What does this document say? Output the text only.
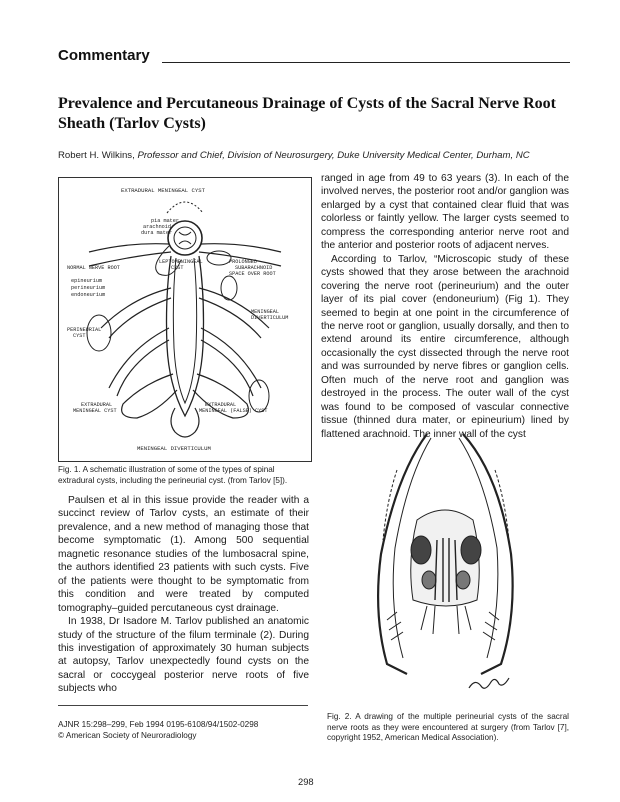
Commentary
Prevalence and Percutaneous Drainage of Cysts of the Sacral Nerve Root Sheath (Tarlov Cysts)
Robert H. Wilkins, Professor and Chief, Division of Neurosurgery, Duke University Medical Center, Durham, NC
EXTRADURAL MENINGEAL CYST
pia mater
arachnoid
dura mater
LEPTOMENINGEAL
CYST
PROLONGED
SUBARACHNOID
SPACE OVER ROOT
NORMAL NERVE ROOT
epineurium
perineurium
endoneurium
MENINGEAL
DIVERTICULUM
PERINEURIAL
CYST
EXTRADURAL
MENINGEAL CYST
EXTRADURAL
MENINGEAL (FALSE) CYST
MENINGEAL DIVERTICULUM
Fig. 1. A schematic illustration of some of the types of spinal extradural cysts, including the perineurial cyst. (from Tarlov [5]).

ranged in age from 49 to 63 years (3). In each of the involved nerves, the posterior root and/or ganglion was enlarged by a cyst that contained clear fluid that was colorless or faintly yellow. The larger cysts seemed to compress the corresponding anterior nerve root and the anterior and posterior roots of adjacent nerves.

According to Tarlov, “Microscopic study of these cysts showed that they arose between the arachnoid covering the nerve root (perineurium) and the outer layer of its pial cover (endoneurium) (Fig 1). They seemed to begin at one point in the circumference of the nerve root or ganglion, usually dorsally, and then to extend around its entire circumference, although occasionally the cyst dissected through the nerve root and was surrounded by nerve fibres or ganglion cells. Often much of the nerve root and ganglion was destroyed in the process. The outer wall of the cyst was found to be composed of vascular connective tissue (thinned dura mater, or epineurium) lined by flattened arachnoid. The inner wall of the cyst

Paulsen et al in this issue provide the reader with a succinct review of Tarlov cysts, an estimate of their prevalence, and a new method of managing those that become symptomatic (1). Among 500 sequential magnetic resonance studies of the lumbosacral spine, the authors identified 23 patients with such cysts. Five of the patients were thought to be symptomatic from this condition and were treated by computed tomography–guided percutaneous cyst drainage.

In 1938, Dr Isadore M. Tarlov published an anatomic study of the structure of the filum terminale (2). During this investigation of approximately 30 human subjects at autopsy, Tarlov unexpectedly found cysts on the sacral or coccygeal posterior nerve roots of five subjects who

Fig. 2. A drawing of the multiple perineurial cysts of the sacral nerve roots as they were encountered at surgery (from Tarlov [7], copyright 1952, American Medical Association).
AJNR 15:298–299, Feb 1994 0195-6108/94/1502-0298
© American Society of Neuroradiology
298
